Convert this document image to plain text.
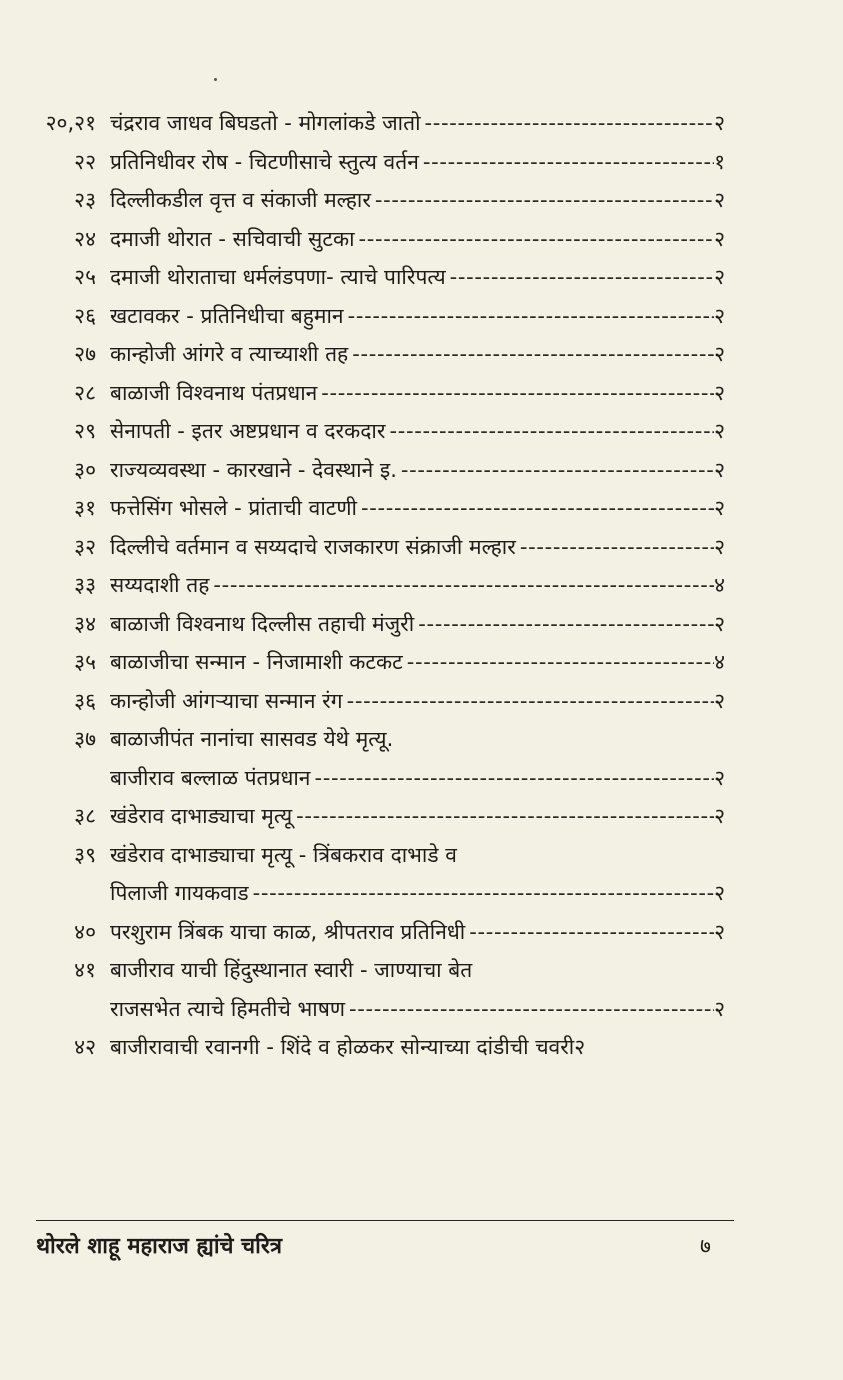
२०,२१ चंद्रराव जाधव बिघडतो - मोगलांकडे जातो - - -	२
२२ प्रतिनिधीवर रोष - चिटणीसाचे स्तुत्य वर्तन - - -	१
२३ दिल्लीकडील वृत्त व संकाजी मल्हार - - -	२
२४ दमाजी थोरात - सचिवाची सुटका - - -	२
२५ दमाजी थोराताचा धर्मलंडपणा- त्याचे पारिपत्य - - -	२
२६ खटावकर - प्रतिनिधीचा बहुमान - - -	२
२७ कान्होजी आंगरे व त्याच्याशी तह - - -	२
२८ बाळाजी विश्‍वनाथ पंतप्रधान - - -	२
२९ सेनापती - इतर अष्टप्रधान व दरकदार - - -	२
३० राज्यव्यवस्था - कारखाने - देवस्थाने इ. - - -	२
३१ फत्तेसिंग भोसले - प्रांताची वाटणी - - -	२
३२ दिल्लीचे वर्तमान व सय्यदाचे राजकारण संक्राजी मल्हार - - -	२
३३ सय्यदाशी तह - - -	४
३४ बाळाजी विश्‍वनाथ दिल्लीस तहाची मंजुरी - - -	२
३५ बाळाजीचा सन्मान - निजामाशी कटकट - - -	४
३६ कान्होजी आंगऱ्याचा सन्मान रंग - - -	२
३७ बाळाजीपंत नानांचा सासवड येथे मृत्यू.
बाजीराव बल्लाळ पंतप्रधान - - -	२
३८ खंडेराव दाभाड्याचा मृत्यू - - -	२
३९ खंडेराव दाभाड्याचा मृत्यू - त्रिंबकराव दाभाडे व
पिलाजी गायकवाड - - -	२
४० परशुराम त्रिंबक याचा काळ, श्रीपतराव प्रतिनिधी - - -	२
४१ बाजीराव याची हिंदुस्थानात स्वारी - जाण्याचा बेत
राजसभेत त्याचे हिमतीचे भाषण - - -	२
४२ बाजीरावाची रवानगी - शिंदे व होळकर सोन्याच्या दांडीची चवरी २
थोरले शाहू महाराज ह्यांचे चरित्र	७
